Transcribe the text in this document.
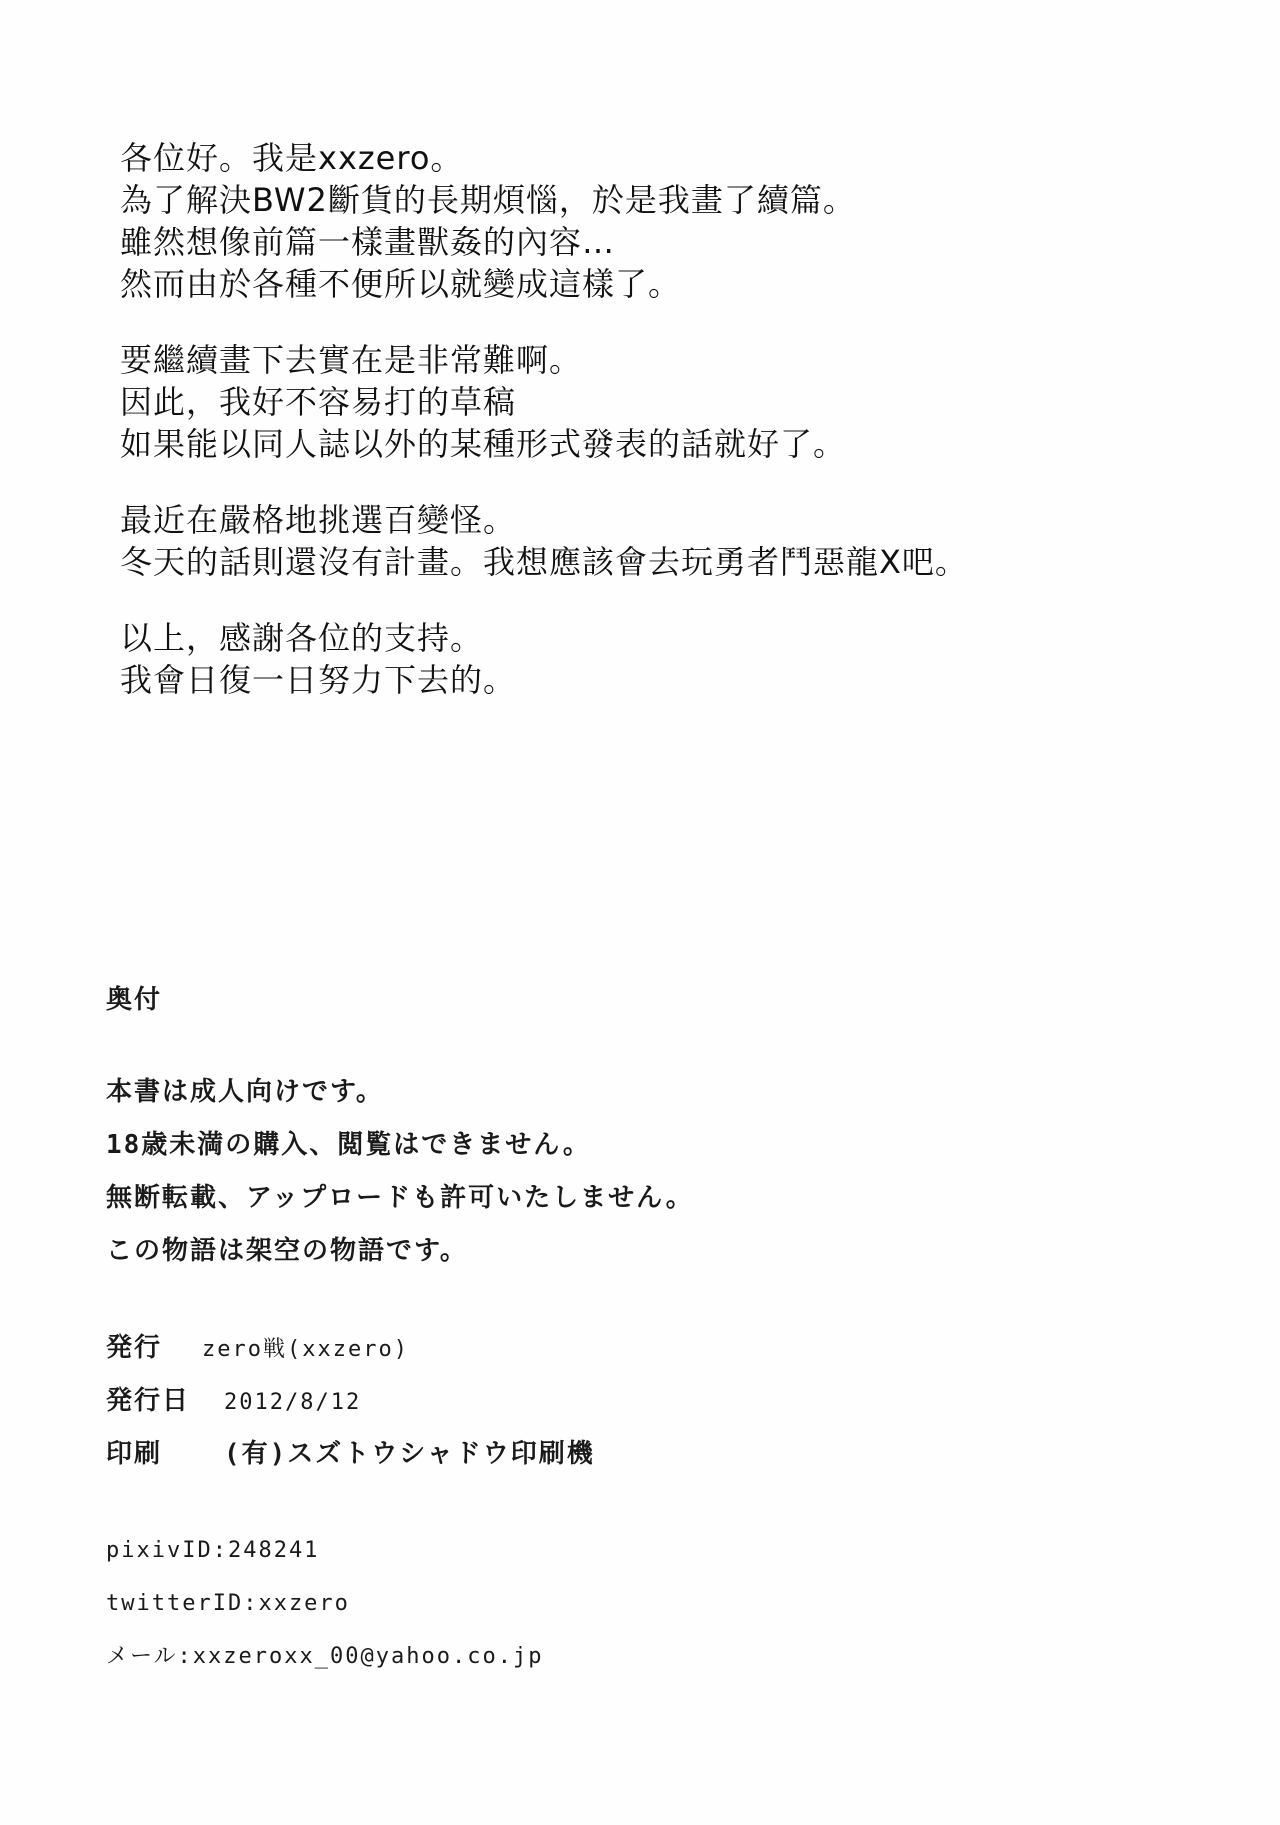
各位好。我是xxzero。
為了解決BW2斷貨的長期煩惱，於是我畫了續篇。
雖然想像前篇一樣畫獸姦的內容…
然而由於各種不便所以就變成這樣了。
要繼續畫下去實在是非常難啊。
因此，我好不容易打的草稿
如果能以同人誌以外的某種形式發表的話就好了。
最近在嚴格地挑選百變怪。
冬天的話則還沒有計畫。我想應該會去玩勇者鬥惡龍X吧。
以上，感謝各位的支持。
我會日復一日努力下去的。
奥付
本書は成人向けです。
18歳未満の購入、閲覧はできません。
無断転載、アップロードも許可いたしません。
この物語は架空の物語です。
発行 zero戦(xxzero)
発行日 2012/8/12
印刷 (有)スズトウシャドウ印刷機
pixivID:248241
twitterID:xxzero
メール:xxzeroxx_00@yahoo.co.jp
